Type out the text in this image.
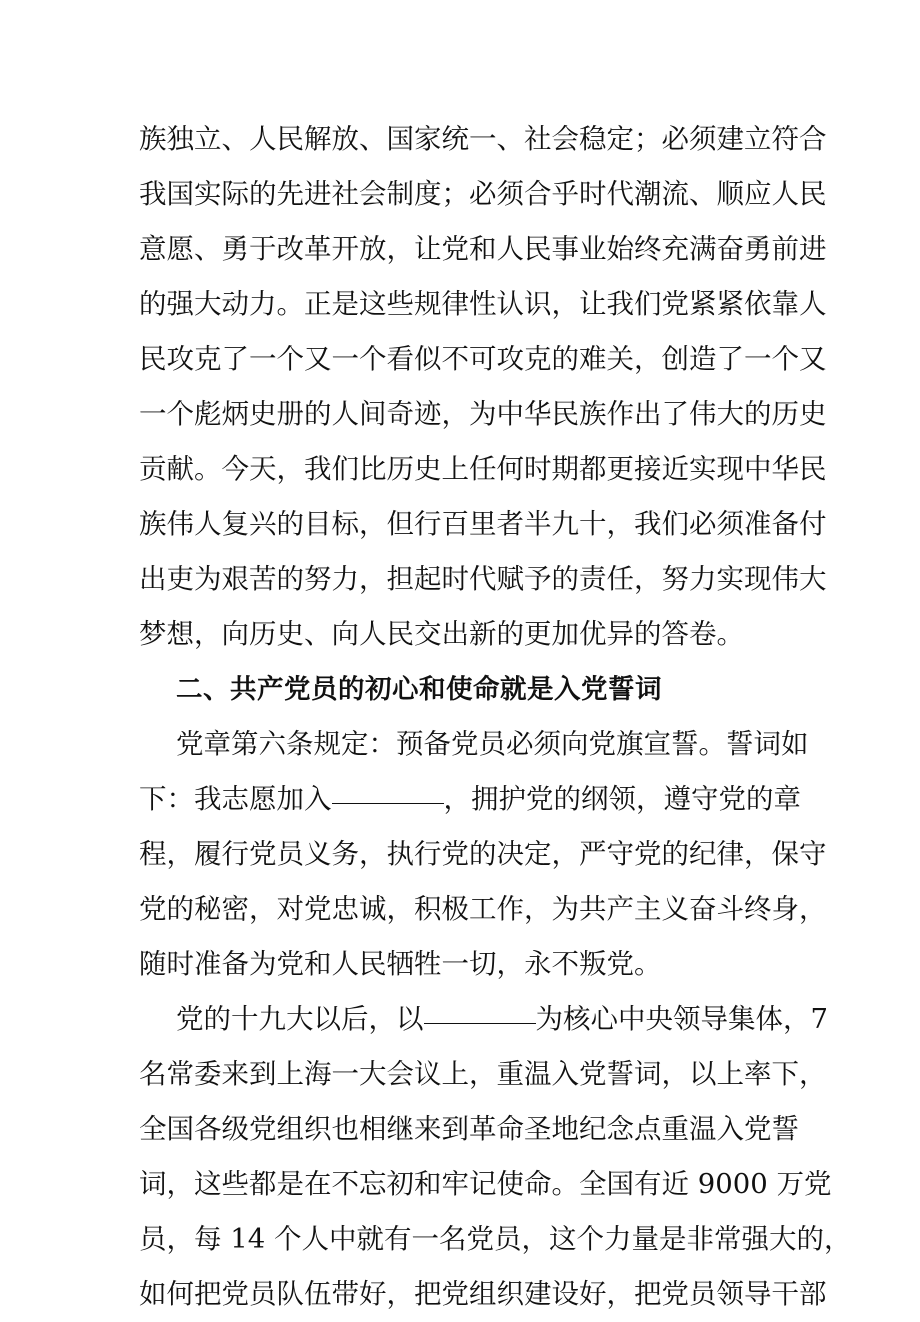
族独立、人民解放、国家统一、社会稳定；必须建立符合
我国实际的先进社会制度；必须合乎时代潮流、顺应人民
意愿、勇于改革开放，让党和人民事业始终充满奋勇前进
的强大动力。正是这些规律性认识，让我们党紧紧依靠人
民攻克了一个又一个看似不可攻克的难关，创造了一个又
一个彪炳史册的人间奇迹，为中华民族作出了伟大的历史
贡献。今天，我们比历史上任何时期都更接近实现中华民
族伟人复兴的目标，但行百里者半九十，我们必须准备付
出吏为艰苦的努力，担起时代赋予的责任，努力实现伟大
梦想，向历史、向人民交出新的更加优异的答卷。
二、共产党员的初心和使命就是入党誓词
党章第六条规定：预备党员必须向党旗宣誓。誓词如
下：我志愿加入	，拥护党的纲领，遵守党的章
程，履行党员义务，执行党的决定，严守党的纪律，保守
党的秘密，对党忠诚，积极工作，为共产主义奋斗终身，
随时准备为党和人民牺牲一切，永不叛党。
党的十九大以后，以	为核心中央领导集体，7
名常委来到上海一大会议上，重温入党誓词，以上率下，
全国各级党组织也相继来到革命圣地纪念点重温入党誓
词，这些都是在不忘初和牢记使命。全国有近 9000 万党
员，每 14 个人中就有一名党员，这个力量是非常强大的，
如何把党员队伍带好，把党组织建设好，把党员领导干部
